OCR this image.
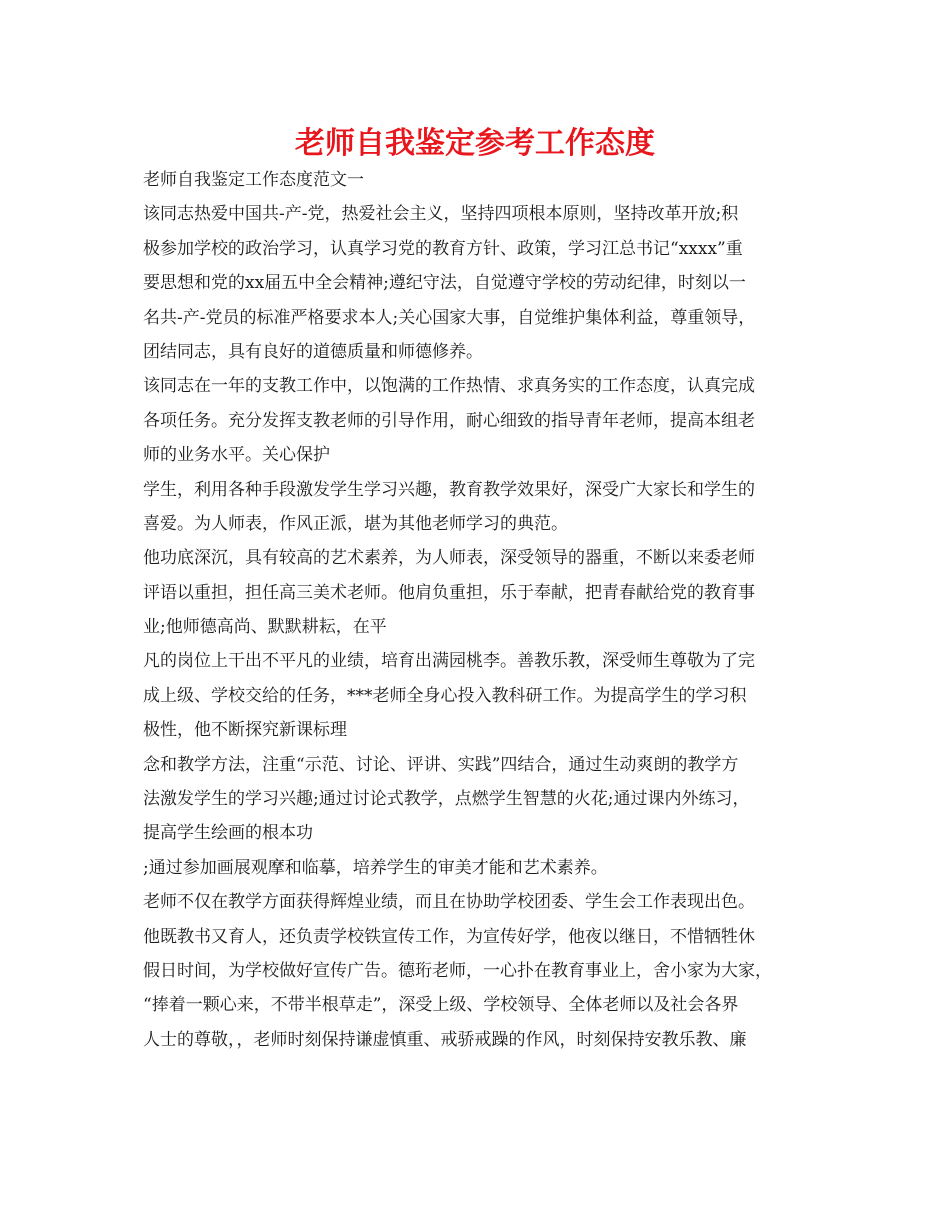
老师自我鉴定参考工作态度
老师自我鉴定工作态度范文一
该同志热爱中国共-产-党，热爱社会主义，坚持四项根本原则，坚持改革开放;积
极参加学校的政治学习，认真学习党的教育方针、政策，学习江总书记“xxxx”重
要思想和党的xx届五中全会精神;遵纪守法，自觉遵守学校的劳动纪律，时刻以一
名共-产-党员的标准严格要求本人;关心国家大事，自觉维护集体利益，尊重领导，
团结同志，具有良好的道德质量和师德修养。
该同志在一年的支教工作中，以饱满的工作热情、求真务实的工作态度，认真完成
各项任务。充分发挥支教老师的引导作用，耐心细致的指导青年老师，提高本组老
师的业务水平。关心保护
学生，利用各种手段激发学生学习兴趣，教育教学效果好，深受广大家长和学生的
喜爱。为人师表，作风正派，堪为其他老师学习的典范。
他功底深沉，具有较高的艺术素养，为人师表，深受领导的器重，不断以来委老师
评语以重担，担任高三美术老师。他肩负重担，乐于奉献，把青春献给党的教育事
业;他师德高尚、默默耕耘，在平
凡的岗位上干出不平凡的业绩，培育出满园桃李。善教乐教，深受师生尊敬为了完
成上级、学校交给的任务，***老师全身心投入教科研工作。为提高学生的学习积
极性，他不断探究新课标理
念和教学方法，注重“示范、讨论、评讲、实践”四结合，通过生动爽朗的教学方
法激发学生的学习兴趣;通过讨论式教学，点燃学生智慧的火花;通过课内外练习，
提高学生绘画的根本功
;通过参加画展观摩和临摹，培养学生的审美才能和艺术素养。
老师不仅在教学方面获得辉煌业绩，而且在协助学校团委、学生会工作表现出色。
他既教书又育人，还负责学校铁宣传工作，为宣传好学，他夜以继日，不惜牺牲休
假日时间，为学校做好宣传广告。德珩老师，一心扑在教育事业上，舍小家为大家，
“捧着一颗心来，不带半根草走”，深受上级、学校领导、全体老师以及社会各界
人士的尊敬，，老师时刻保持谦虚慎重、戒骄戒躁的作风，时刻保持安教乐教、廉
